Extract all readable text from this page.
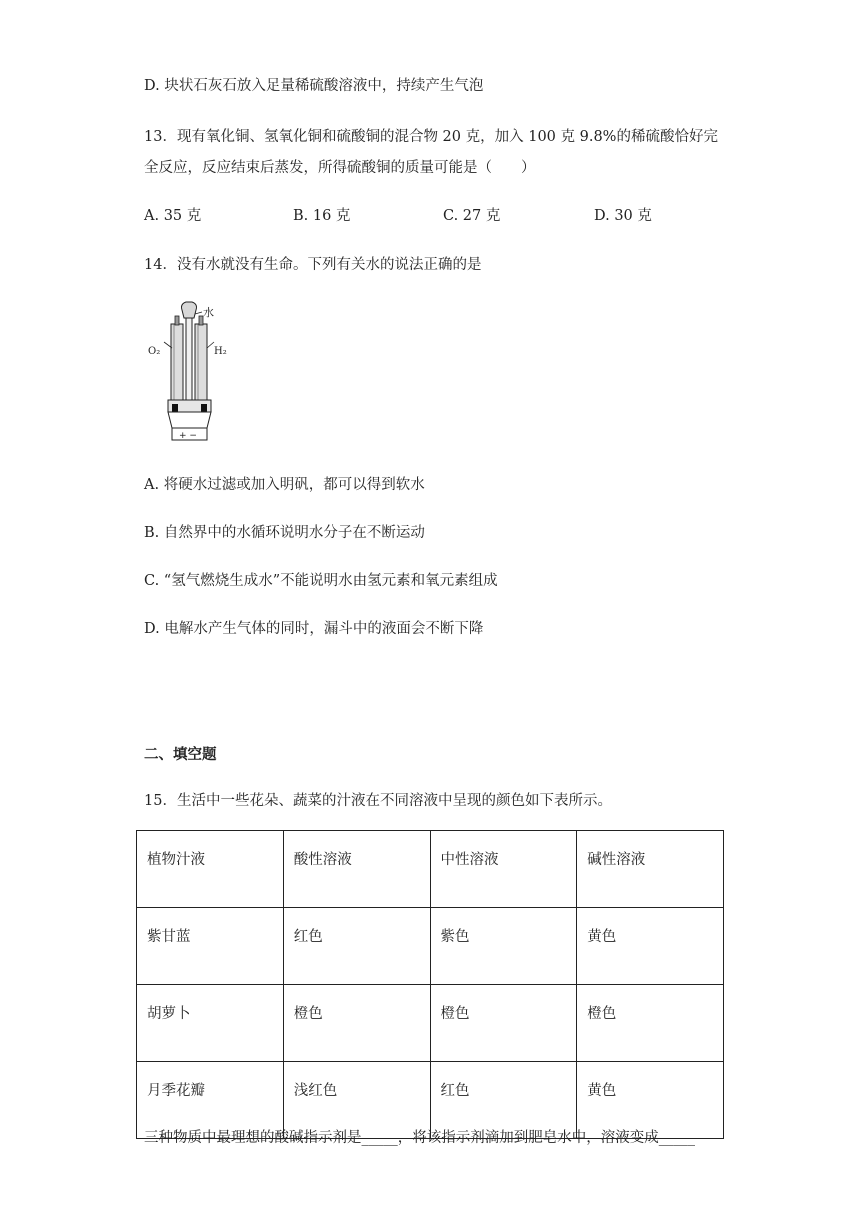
D. 块状石灰石放入足量稀硫酸溶液中，持续产生气泡
13．现有氧化铜、氢氧化铜和硫酸铜的混合物 20 克，加入 100 克 9.8%的稀硫酸恰好完
全反应，反应结束后蒸发，所得硫酸铜的质量可能是（　　）
A. 35 克	B. 16 克	C. 27 克	D. 30 克
14．没有水就没有生命。下列有关水的说法正确的是
水
O₂	H₂
+ −
A. 将硬水过滤或加入明矾，都可以得到软水
B. 自然界中的水循环说明水分子在不断运动
C. “氢气燃烧生成水”不能说明水由氢元素和氧元素组成
D. 电解水产生气体的同时，漏斗中的液面会不断下降
二、填空题
15．生活中一些花朵、蔬菜的汁液在不同溶液中呈现的颜色如下表所示。
植物汁液	酸性溶液	中性溶液	碱性溶液
紫甘蓝	红色	紫色	黄色
胡萝卜	橙色	橙色	橙色
月季花瓣	浅红色	红色	黄色
三种物质中最理想的酸碱指示剂是_____，将该指示剂滴加到肥皂水中，溶液变成_____
